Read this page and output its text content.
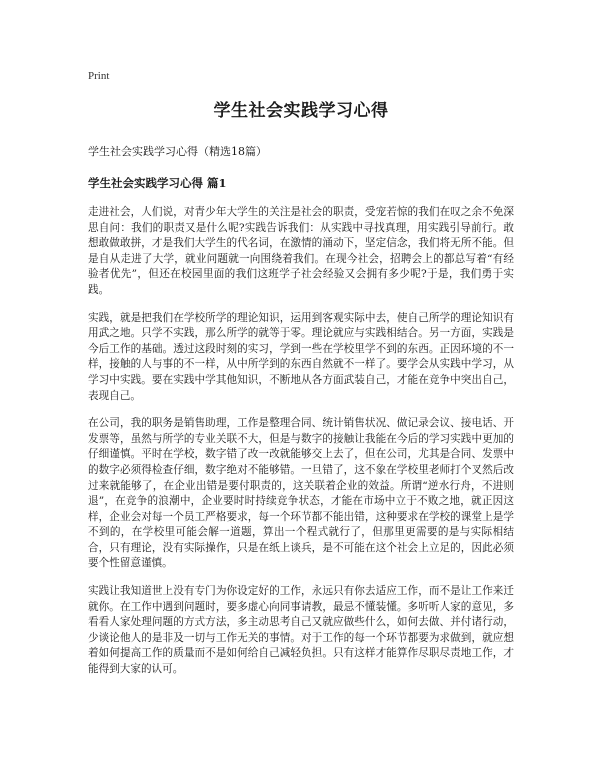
Print
学生社会实践学习心得
学生社会实践学习心得（精选18篇）
学生社会实践学习心得 篇1

走进社会，人们说，对青少年大学生的关注是社会的职责，受宠若惊的我们在叹之余不免深思自问：我们的职责又是什么呢?实践告诉我们：从实践中寻找真理，用实践引导前行。敢想敢做敢拼，才是我们大学生的代名词，在激情的涌动下，坚定信念，我们将无所不能。但是自从走进了大学，就业问题就一向围绕着我们。在现今社会，招聘会上的都总写着“有经验者优先”，但还在校园里面的我们这班学子社会经验又会拥有多少呢?于是，我们勇于实践。

实践，就是把我们在学校所学的理论知识，运用到客观实际中去，使自己所学的理论知识有用武之地。只学不实践，那么所学的就等于零。理论就应与实践相结合。另一方面，实践是今后工作的基础。透过这段时刻的实习，学到一些在学校里学不到的东西。正因环境的不一样，接触的人与事的不一样，从中所学到的东西自然就不一样了。要学会从实践中学习，从学习中实践。要在实践中学其他知识，不断地从各方面武装自己，才能在竞争中突出自己，表现自己。

在公司，我的职务是销售助理，工作是整理合同、统计销售状况、做记录会议、接电话、开发票等，虽然与所学的专业关联不大，但是与数字的接触让我能在今后的学习实践中更加的仔细谨慎。平时在学校，数字错了改一改就能够交上去了，但在公司，尤其是合同、发票中的数字必须得检查仔细，数字绝对不能够错。一旦错了，这不象在学校里老师打个叉然后改过来就能够了，在企业出错是要付职责的，这关联着企业的效益。所谓“逆水行舟，不进则退”，在竞争的浪潮中，企业要时时持续竞争状态，才能在市场中立于不败之地，就正因这样，企业会对每一个员工严格要求，每一个环节都不能出错，这种要求在学校的课堂上是学不到的，在学校里可能会解一道题，算出一个程式就行了，但那里更需要的是与实际相结合，只有理论，没有实际操作，只是在纸上谈兵，是不可能在这个社会上立足的，因此必须要个性留意谨慎。

实践让我知道世上没有专门为你设定好的工作，永远只有你去适应工作，而不是让工作来迁就你。在工作中遇到问题时，要多虚心向同事请教，最忌不懂装懂。多听听人家的意见，多看看人家处理问题的方式方法，多主动思考自己又就应做些什么，如何去做、并付诸行动，少谈论他人的是非及一切与工作无关的事情。对于工作的每一个环节都要为求做到，就应想着如何提高工作的质量而不是如何给自己减轻负担。只有这样才能算作尽职尽责地工作，才能得到大家的认可。
